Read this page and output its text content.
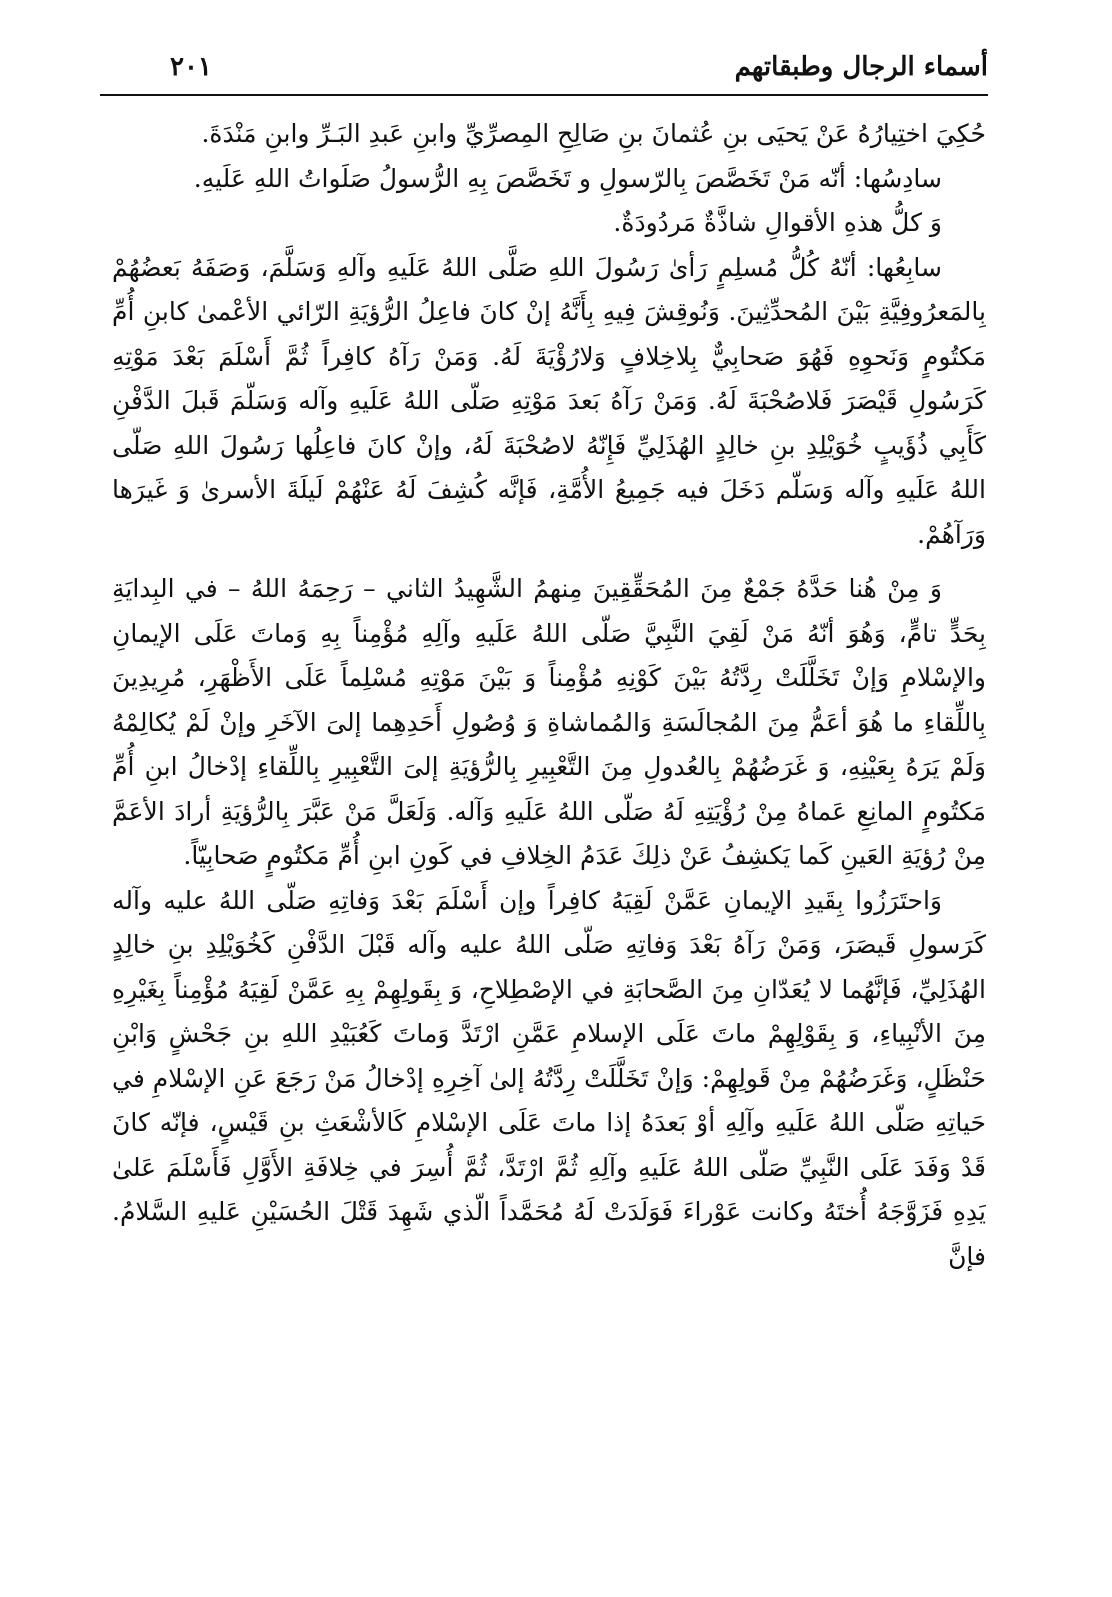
أسماء الرجال وطبقاتهم
٢٠١

حُكِيَ اختِيارُهُ عَنْ يَحيَى بنِ عُثمانَ بنِ صَالِحِ المِصرِّيِّ وابنِ عَبدِ البَـرِّ وابنِ مَنْدَةَ.

سادِسُها: أنّه مَنْ تَخَصَّصَ بِالرّسولِ و تَخَصَّصَ بِهِ الرُّسولُ صَلَواتُ اللهِ عَلَيهِ.

وَ كلُّ هذهِ الأقوالِ شاذَّةٌ مَردُودَةٌ.

سابِعُها: أنّهُ كُلُّ مُسلِمٍ رَأىٰ رَسُولَ اللهِ صَلَّى اللهُ عَلَيهِ وآلهِ وَسَلَّمَ، وَصَفَهُ بَعضُهُمْ بِالمَعرُوفِيَّةِ بَيْنَ المُحدِّثِينَ. وَنُوقِشَ فِيهِ بِأَنَّهُ إنْ كانَ فاعِلُ الرُّؤيَةِ الرّائي الأعْمىٰ كابنِ أُمِّ مَكتُومٍ وَنَحوِهِ فَهُوَ صَحابِيٌّ بِلاخِلافٍ وَلارُؤْيَةَ لَهُ. وَمَنْ رَآهُ كافِراً ثُمَّ أَسْلَمَ بَعْدَ مَوْتِهِ كَرَسُولِ قَيْصَرَ فَلاصُحْبَةَ لَهُ. وَمَنْ رَآهُ بَعدَ مَوْتِهِ صَلّى اللهُ عَلَيهِ وآله وَسَلّمَ قَبلَ الدَّفْنِ كَأَبِي ذُؤَيبٍ خُوَيْلِدِ بنِ خالِدٍ الهُذَلِيِّ فَإِنّهُ لاصُحْبَةَ لَهُ، وإنْ كانَ فاعِلُها رَسُولَ اللهِ صَلّى اللهُ عَلَيهِ وآله وَسَلّم دَخَلَ فيه جَمِيعُ الأُمَّةِ، فَإنَّه كُشِفَ لَهُ عَنْهُمْ لَيلَةَ الأسرىٰ وَ غَيرَها وَرَآهُمْ.

وَ مِنْ هُنا حَدَّهُ جَمْعٌ مِنَ المُحَقِّقِينَ مِنهمُ الشَّهِيدُ الثاني – رَحِمَهُ اللهُ – في البِدايَةِ بِحَدٍّ تامٍّ، وَهُوَ أنّهُ مَنْ لَقِيَ النَّبِيَّ صَلّى اللهُ عَلَيهِ وآلِهِ مُؤْمِناً بِهِ وَماتَ عَلَى الإيمانِ والإسْلامِ وَإنْ تَخَلَّلَتْ رِدَّتُهُ بَيْنَ كَوْنِهِ مُؤْمِناً وَ بَيْنَ مَوْتِهِ مُسْلِماً عَلَى الأَظْهَرِ، مُرِيدِينَ بِاللِّقاءِ ما هُوَ أعَمُّ مِنَ المُجالَسَةِ وَالمُماشاةِ وَ وُصُولِ أَحَدِهِما إلىَ الآخَرِ وإنْ لَمْ يُكالِمْهُ وَلَمْ يَرَهُ بِعَيْنِهِ، وَ غَرَضُهُمْ بِالعُدولِ مِنَ التَّعْبِيرِ بِالرُّؤيَةِ إلىَ التَّعْبِيرِ بِاللِّقاءِ إدْخالُ ابنِ أُمِّ مَكتُومٍ المانِعِ عَماهُ مِنْ رُؤْيَتِهِ لَهُ صَلّى اللهُ عَلَيهِ وَآله. وَلَعَلَّ مَنْ عَبَّرَ بِالرُّؤيَةِ أرادَ الأعَمَّ مِنْ رُؤيَةِ العَينِ كَما يَكشِفُ عَنْ ذلِكَ عَدَمُ الخِلافِ في كَونِ ابنِ أُمِّ مَكتُومٍ صَحابِيّاً.

وَاحتَرَزُوا بِقَيدِ الإيمانِ عَمَّنْ لَقِيَهُ كافِراً وإن أَسْلَمَ بَعْدَ وَفاتِهِ صَلّى اللهُ عليه وآله كَرَسولِ قَيصَرَ، وَمَنْ رَآهُ بَعْدَ وَفاتِهِ صَلّى اللهُ عليه وآله قَبْلَ الدَّفْنِ كَخُوَيْلِدِ بنِ خالِدٍ الهُذَلِيِّ، فَإنَّهُما لا يُعَدّانِ مِنَ الصَّحابَةِ في الإصْطِلاحِ، وَ بِقَولِهِمْ بِهِ عَمَّنْ لَقِيَهُ مُؤْمِناً بِغَيْرِهِ مِنَ الأنْبِياءِ، وَ بِقَوْلِهِمْ ماتَ عَلَى الإسلامِ عَمَّنِ ارْتَدَّ وَماتَ كَعُبَيْدِ اللهِ بنِ جَحْشٍ وَابْنِ حَنْظَلٍ، وَغَرَضُهُمْ مِنْ قَولِهِمْ: وَإنْ تَخَلَّلَتْ رِدَّتُهُ إلىٰ آخِرِهِ إدْخالُ مَنْ رَجَعَ عَنِ الإسْلامِ في حَياتِهِ صَلّى اللهُ عَلَيهِ وآلِهِ أوْ بَعدَهُ إذا ماتَ عَلَى الإسْلامِ كَالأشْعَثِ بنِ قَيْسٍ، فإنّه كانَ قَدْ وَفَدَ عَلَى النَّبِيِّ صَلّى اللهُ عَلَيهِ وآلِهِ ثُمَّ ارْتَدَّ، ثُمَّ أُسِرَ في خِلافَةِ الأَوَّلِ فَأَسْلَمَ عَلىٰ يَدِهِ فَزَوَّجَهُ أُختَهُ وكانت عَوْراءَ فَوَلَدَتْ لَهُ مُحَمَّداً الّذي شَهِدَ قَتْلَ الحُسَيْنِ عَليهِ السَّلامُ. فإنَّ
